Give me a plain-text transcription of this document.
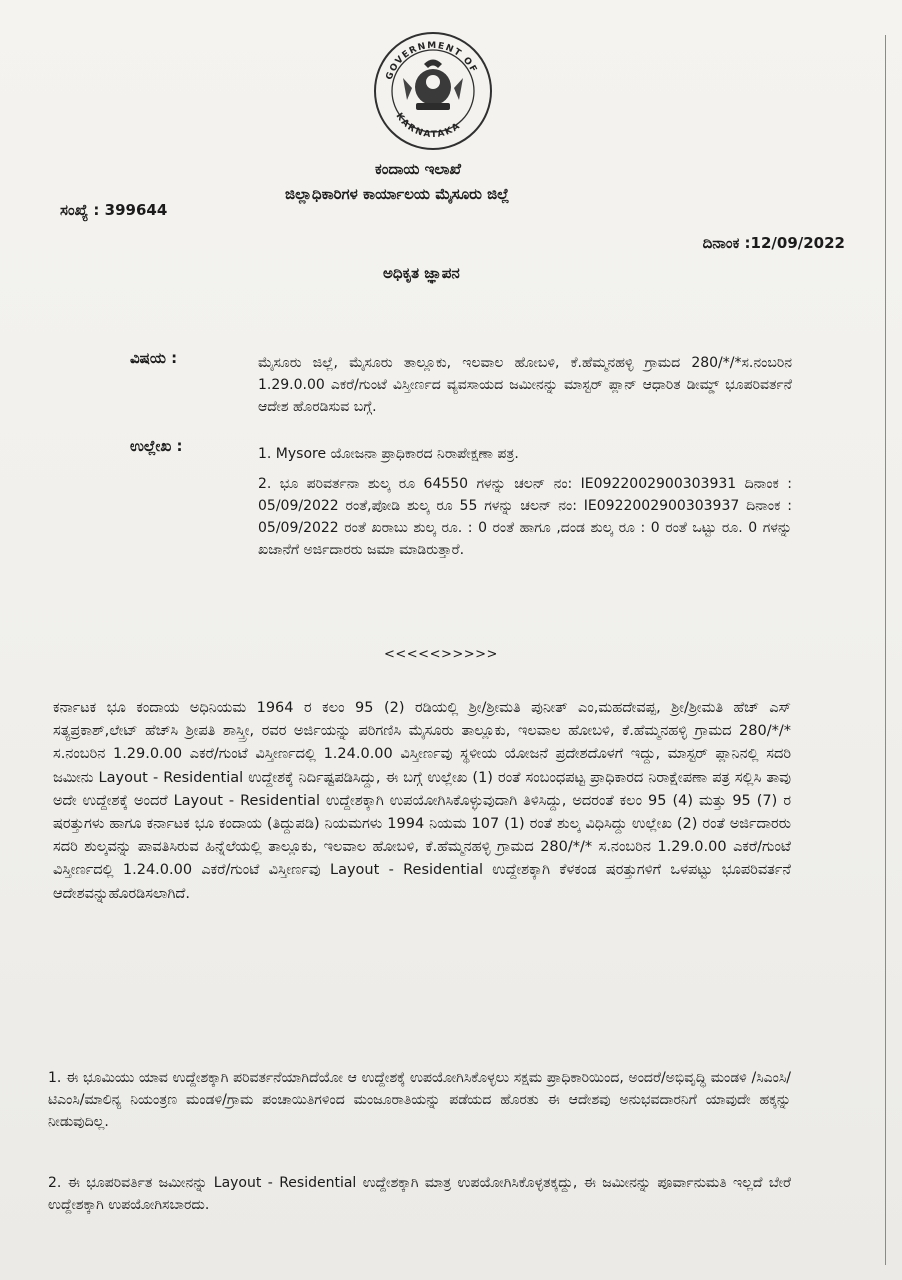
GOVERNMENT OF
KARNATAKA
ಕಂದಾಯ ಇಲಾಖೆ
ಜಿಲ್ಲಾಧಿಕಾರಿಗಳ ಕಾರ್ಯಾಲಯ ಮೈಸೂರು ಜಿಲ್ಲೆ
ಸಂಖ್ಯೆ : 399644
ದಿನಾಂಕ :12/09/2022
ಅಧಿಕೃತ ಜ್ಞಾಪನ
ವಿಷಯ :	ಮೈಸೂರು ಜಿಲ್ಲೆ, ಮೈಸೂರು ತಾಲ್ಲೂಕು, ಇಲವಾಲ ಹೋಬಳಿ, ಕೆ.ಹೆಮ್ಮನಹಳ್ಳಿ ಗ್ರಾಮದ 280/*/*ಸ.ನಂಬರಿನ 1.29.0.00 ಎಕರೆ/ಗುಂಟೆ ವಿಸ್ತೀರ್ಣದ ವ್ಯವಸಾಯದ ಜಮೀನನ್ನು ಮಾಸ್ಟರ್ ಪ್ಲಾನ್ ಆಧಾರಿತ ಡೀಮ್ಡ್ ಭೂಪರಿವರ್ತನೆ ಆದೇಶ ಹೊರಡಿಸುವ ಬಗ್ಗೆ.
ಉಲ್ಲೇಖ :	1. Mysore ಯೋಜನಾ ಪ್ರಾಧಿಕಾರದ ನಿರಾಪೇಕ್ಷಣಾ ಪತ್ರ.
2. ಭೂ ಪರಿವರ್ತನಾ ಶುಲ್ಕ ರೂ 64550 ಗಳನ್ನು ಚಲನ್ ನಂ: IE0922002900303931 ದಿನಾಂಕ : 05/09/2022 ರಂತೆ,ಪೋಡಿ ಶುಲ್ಕ ರೂ 55 ಗಳನ್ನು ಚಲನ್ ನಂ: IE0922002900303937 ದಿನಾಂಕ : 05/09/2022 ರಂತೆ ಖರಾಬು ಶುಲ್ಕ ರೂ. : 0 ರಂತೆ ಹಾಗೂ ,ದಂಡ ಶುಲ್ಕ ರೂ : 0 ರಂತೆ ಒಟ್ಟು ರೂ. 0 ಗಳನ್ನು ಖಜಾನೆಗೆ ಅರ್ಜಿದಾರರು ಜಮಾ ಮಾಡಿರುತ್ತಾರೆ.
<<<<<>>>>>
ಕರ್ನಾಟಕ ಭೂ ಕಂದಾಯ ಅಧಿನಿಯಮ 1964 ರ ಕಲಂ 95 (2) ರಡಿಯಲ್ಲಿ ಶ್ರೀ/ಶ್ರೀಮತಿ ಪುನೀತ್ ಎಂ,ಮಹದೇವಪ್ಪ, ಶ್ರೀ/ಶ್ರೀಮತಿ ಹೆಚ್ ಎಸ್ ಸತ್ಯಪ್ರಕಾಶ್,ಲೇಟ್ ಹೆಚ್‌ಸಿ ಶ್ರೀಪತಿ ಶಾಸ್ತ್ರೀ, ರವರ ಅರ್ಜಿಯನ್ನು ಪರಿಗಣಿಸಿ ಮೈಸೂರು ತಾಲ್ಲೂಕು, ಇಲವಾಲ ಹೋಬಳಿ, ಕೆ.ಹೆಮ್ಮನಹಳ್ಳಿ ಗ್ರಾಮದ 280/*/* ಸ.ನಂಬರಿನ 1.29.0.00 ಎಕರೆ/ಗುಂಟೆ ವಿಸ್ತೀರ್ಣದಲ್ಲಿ 1.24.0.00 ವಿಸ್ತೀರ್ಣವು ಸ್ಥಳೀಯ ಯೋಜನೆ ಪ್ರದೇಶದೊಳಗೆ ಇದ್ದು, ಮಾಸ್ಟರ್ ಪ್ಲಾನಿನಲ್ಲಿ ಸದರಿ ಜಮೀನು Layout - Residential ಉದ್ದೇಶಕ್ಕೆ ನಿರ್ದಿಷ್ಟಪಡಿಸಿದ್ದು, ಈ ಬಗ್ಗೆ ಉಲ್ಲೇಖ (1) ರಂತೆ ಸಂಬಂಧಪಟ್ಟ ಪ್ರಾಧಿಕಾರದ ನಿರಾಕ್ಷೇಪಣಾ ಪತ್ರ ಸಲ್ಲಿಸಿ ತಾವು ಅದೇ ಉದ್ದೇಶಕ್ಕೆ ಅಂದರೆ Layout - Residential ಉದ್ದೇಶಕ್ಕಾಗಿ ಉಪಯೋಗಿಸಿಕೊಳ್ಳುವುದಾಗಿ ತಿಳಿಸಿದ್ದು, ಅದರಂತೆ ಕಲಂ 95 (4) ಮತ್ತು 95 (7) ರ ಷರತ್ತುಗಳು ಹಾಗೂ ಕರ್ನಾಟಕ ಭೂ ಕಂದಾಯ (ತಿದ್ದುಪಡಿ) ನಿಯಮಗಳು 1994 ನಿಯಮ 107 (1) ರಂತೆ ಶುಲ್ಕ ವಿಧಿಸಿದ್ದು ಉಲ್ಲೇಖ (2) ರಂತೆ ಅರ್ಜಿದಾರರು ಸದರಿ ಶುಲ್ಕವನ್ನು ಪಾವತಿಸಿರುವ ಹಿನ್ನೆಲೆಯಲ್ಲಿ ತಾಲ್ಲೂಕು, ಇಲವಾಲ ಹೋಬಳಿ, ಕೆ.ಹೆಮ್ಮನಹಳ್ಳಿ ಗ್ರಾಮದ 280/*/* ಸ.ನಂಬರಿನ 1.29.0.00 ಎಕರೆ/ಗುಂಟೆ ವಿಸ್ತೀರ್ಣದಲ್ಲಿ 1.24.0.00 ಎಕರೆ/ಗುಂಟೆ ವಿಸ್ತೀರ್ಣವು Layout - Residential ಉದ್ದೇಶಕ್ಕಾಗಿ ಕೆಳಕಂಡ ಷರತ್ತುಗಳಿಗೆ ಒಳಪಟ್ಟು ಭೂಪರಿವರ್ತನೆ ಆದೇಶವನ್ನುಹೊರಡಿಸಲಾಗಿದೆ.
1. ಈ ಭೂಮಿಯು ಯಾವ ಉದ್ದೇಶಕ್ಕಾಗಿ ಪರಿವರ್ತನೆಯಾಗಿದೆಯೋ ಆ ಉದ್ದೇಶಕ್ಕೆ ಉಪಯೋಗಿಸಿಕೊಳ್ಳಲು ಸಕ್ಷಮ ಪ್ರಾಧಿಕಾರಿಯಿಂದ, ಅಂದರೆ/ಅಭಿವೃದ್ಧಿ ಮಂಡಳಿ /ಸಿಎಂಸಿ/ಟಿಎಂಸಿ/ಮಾಲಿನ್ಯ ನಿಯಂತ್ರಣ ಮಂಡಳಿ/ಗ್ರಾಮ ಪಂಚಾಯಿತಿಗಳಿಂದ ಮಂಜೂರಾತಿಯನ್ನು ಪಡೆಯದ ಹೊರತು ಈ ಆದೇಶವು ಅನುಭವದಾರನಿಗೆ ಯಾವುದೇ ಹಕ್ಕನ್ನು ನೀಡುವುದಿಲ್ಲ.
2. ಈ ಭೂಪರಿವರ್ತಿತ ಜಮೀನನ್ನು Layout - Residential ಉದ್ದೇಶಕ್ಕಾಗಿ ಮಾತ್ರ ಉಪಯೋಗಿಸಿಕೊಳ್ಳತಕ್ಕದ್ದು, ಈ ಜಮೀನನ್ನು ಪೂರ್ವಾನುಮತಿ ಇಲ್ಲದೆ ಬೇರೆ ಉದ್ದೇಶಕ್ಕಾಗಿ ಉಪಯೋಗಿಸಬಾರದು.
